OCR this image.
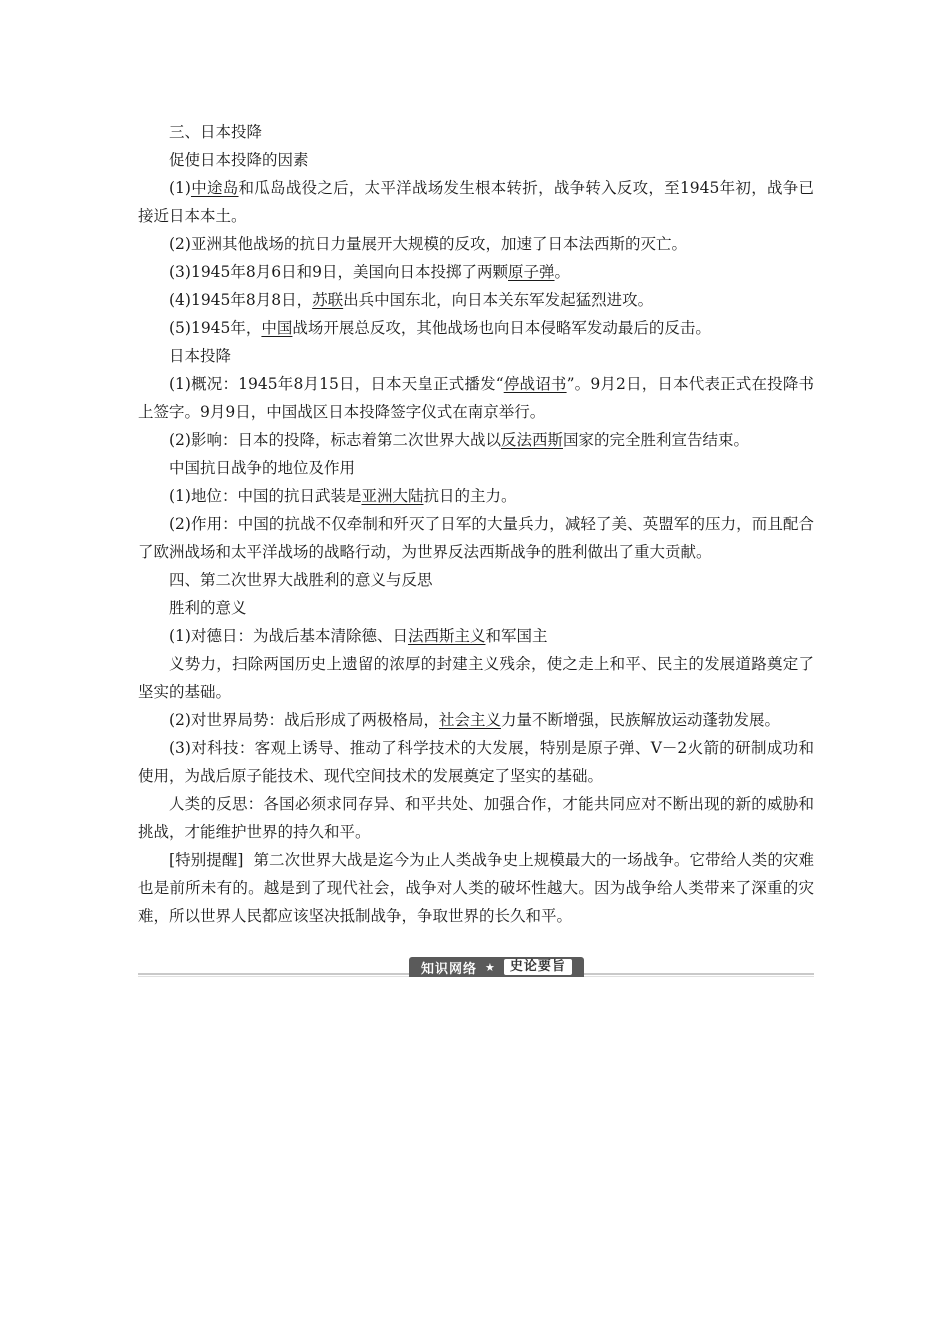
三、日本投降

促使日本投降的因素

(1)中途岛和瓜岛战役之后，太平洋战场发生根本转折，战争转入反攻，至1945年初，战争已接近日本本土。

(2)亚洲其他战场的抗日力量展开大规模的反攻，加速了日本法西斯的灭亡。

(3)1945年8月6日和9日，美国向日本投掷了两颗原子弹。

(4)1945年8月8日，苏联出兵中国东北，向日本关东军发起猛烈进攻。

(5)1945年，中国战场开展总反攻，其他战场也向日本侵略军发动最后的反击。

日本投降

(1)概况：1945年8月15日，日本天皇正式播发“停战诏书”。9月2日，日本代表正式在投降书上签字。9月9日，中国战区日本投降签字仪式在南京举行。

(2)影响：日本的投降，标志着第二次世界大战以反法西斯国家的完全胜利宣告结束。

中国抗日战争的地位及作用

(1)地位：中国的抗日武装是亚洲大陆抗日的主力。

(2)作用：中国的抗战不仅牵制和歼灭了日军的大量兵力，减轻了美、英盟军的压力，而且配合了欧洲战场和太平洋战场的战略行动，为世界反法西斯战争的胜利做出了重大贡献。

四、第二次世界大战胜利的意义与反思

胜利的意义

(1)对德日：为战后基本清除德、日法西斯主义和军国主

义势力，扫除两国历史上遗留的浓厚的封建主义残余，使之走上和平、民主的发展道路奠定了坚实的基础。

(2)对世界局势：战后形成了两极格局，社会主义力量不断增强，民族解放运动蓬勃发展。

(3)对科技：客观上诱导、推动了科学技术的大发展，特别是原子弹、V－2火箭的研制成功和使用，为战后原子能技术、现代空间技术的发展奠定了坚实的基础。

人类的反思：各国必须求同存异、和平共处、加强合作，才能共同应对不断出现的新的威胁和挑战，才能维护世界的持久和平。

[特别提醒] 第二次世界大战是迄今为止人类战争史上规模最大的一场战争。它带给人类的灾难也是前所未有的。越是到了现代社会，战争对人类的破坏性越大。因为战争给人类带来了深重的灾难，所以世界人民都应该坚决抵制战争，争取世界的长久和平。

知识网络 ★	史论要旨
